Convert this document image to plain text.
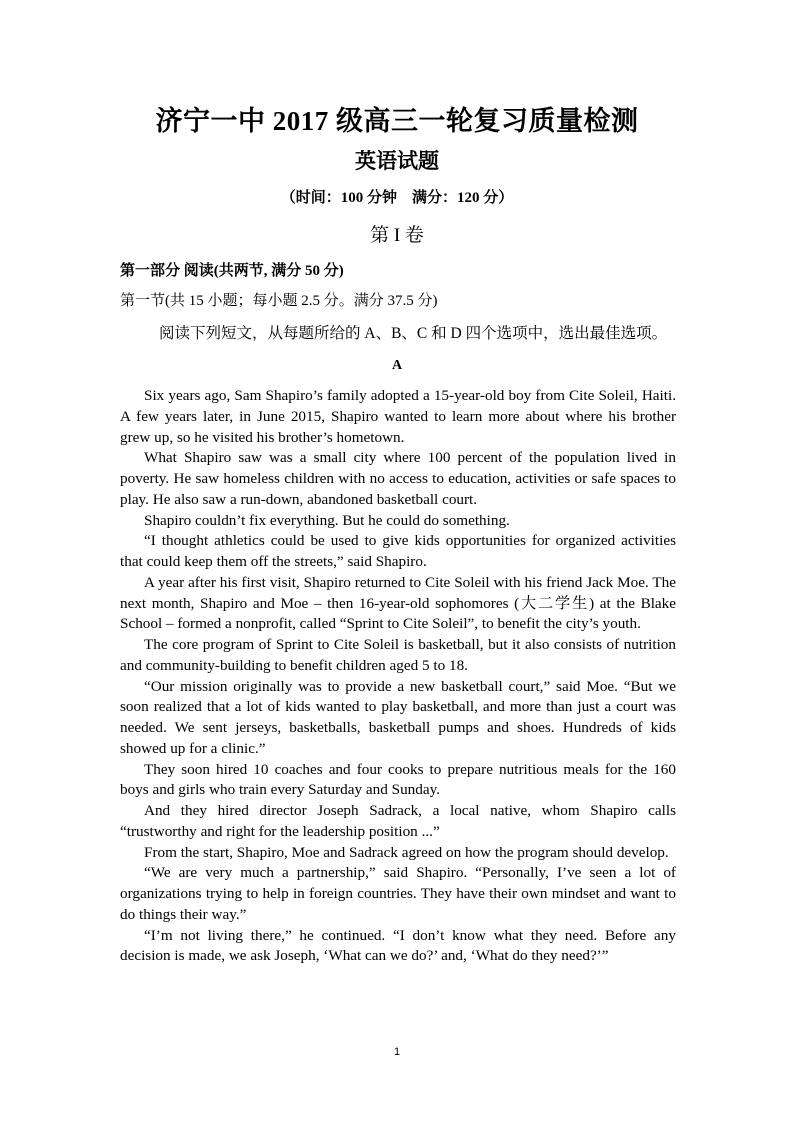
济宁一中 2017 级高三一轮复习质量检测
英语试题
（时间：100 分钟　满分：120 分）
第 I 卷
第一部分 阅读(共两节, 满分 50 分)
第一节(共 15 小题；每小题 2.5 分。满分 37.5 分)
阅读下列短文，从每题所给的 A、B、C 和 D 四个选项中，选出最佳选项。
A

Six years ago, Sam Shapiro’s family adopted a 15-year-old boy from Cite Soleil, Haiti. A few years later, in June 2015, Shapiro wanted to learn more about where his brother grew up, so he visited his brother’s hometown.

What Shapiro saw was a small city where 100 percent of the population lived in poverty. He saw homeless children with no access to education, activities or safe spaces to play. He also saw a run-down, abandoned basketball court.

Shapiro couldn’t fix everything. But he could do something.

“I thought athletics could be used to give kids opportunities for organized activities that could keep them off the streets,” said Shapiro.

A year after his first visit, Shapiro returned to Cite Soleil with his friend Jack Moe. The next month, Shapiro and Moe – then 16-year-old sophomores (大二学生) at the Blake School – formed a nonprofit, called “Sprint to Cite Soleil”, to benefit the city’s youth.

The core program of Sprint to Cite Soleil is basketball, but it also consists of nutrition and community-building to benefit children aged 5 to 18.

“Our mission originally was to provide a new basketball court,” said Moe. “But we soon realized that a lot of kids wanted to play basketball, and more than just a court was needed. We sent jerseys, basketballs, basketball pumps and shoes. Hundreds of kids showed up for a clinic.”

They soon hired 10 coaches and four cooks to prepare nutritious meals for the 160 boys and girls who train every Saturday and Sunday.

And they hired director Joseph Sadrack, a local native, whom Shapiro calls “trustworthy and right for the leadership position ...”

From the start, Shapiro, Moe and Sadrack agreed on how the program should develop.

“We are very much a partnership,” said Shapiro. “Personally, I’ve seen a lot of organizations trying to help in foreign countries. They have their own mindset and want to do things their way.”

“I’m not living there,” he continued. “I don’t know what they need. Before any decision is made, we ask Joseph, ‘What can we do?’ and, ‘What do they need?’”

1
